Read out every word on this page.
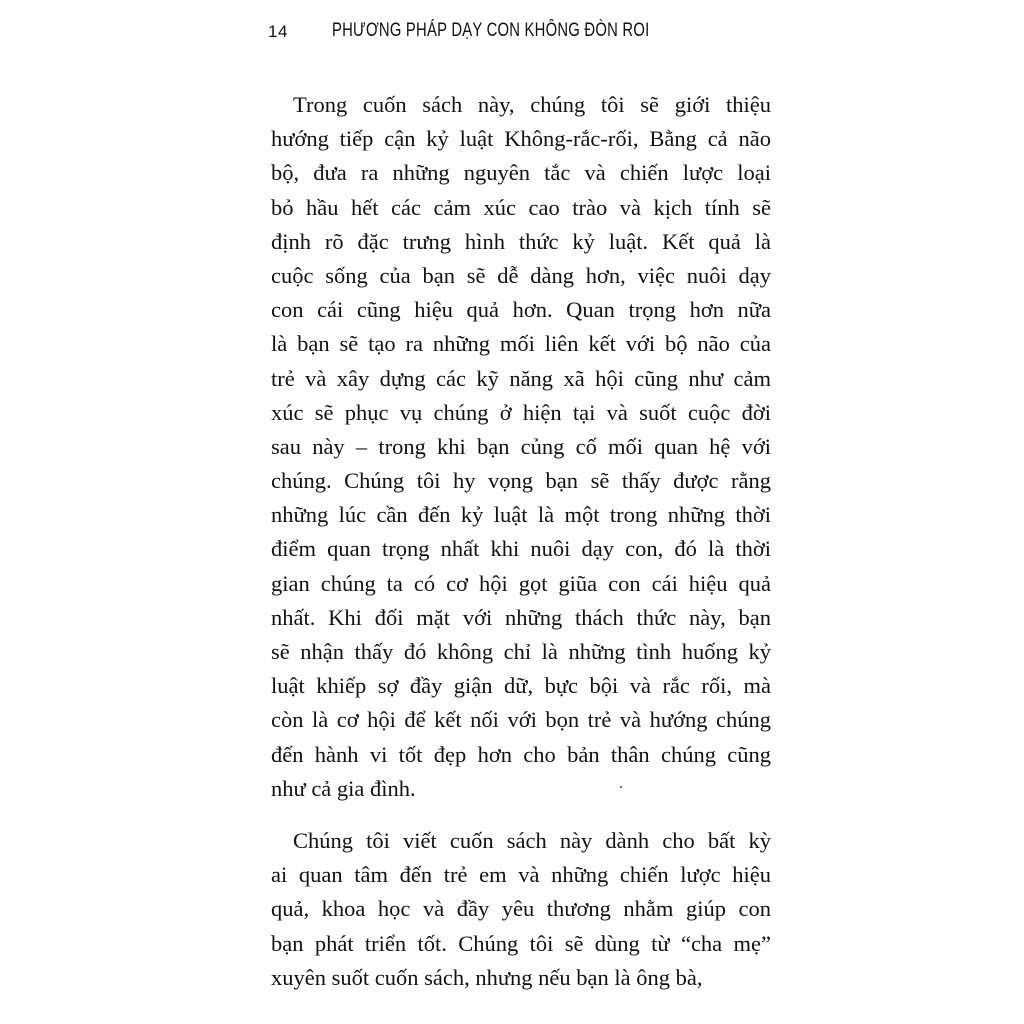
14 PHƯƠNG PHÁP DẠY CON KHÔNG ĐÒN ROI

Trong cuốn sách này, chúng tôi sẽ giới thiệu
hướng tiếp cận kỷ luật Không-rắc-rối, Bằng cả não
bộ, đưa ra những nguyên tắc và chiến lược loại
bỏ hầu hết các cảm xúc cao trào và kịch tính sẽ
định rõ đặc trưng hình thức kỷ luật. Kết quả là
cuộc sống của bạn sẽ dễ dàng hơn, việc nuôi dạy
con cái cũng hiệu quả hơn. Quan trọng hơn nữa
là bạn sẽ tạo ra những mối liên kết với bộ não của
trẻ và xây dựng các kỹ năng xã hội cũng như cảm
xúc sẽ phục vụ chúng ở hiện tại và suốt cuộc đời
sau này – trong khi bạn củng cố mối quan hệ với
chúng. Chúng tôi hy vọng bạn sẽ thấy được rằng
những lúc cần đến kỷ luật là một trong những thời
điểm quan trọng nhất khi nuôi dạy con, đó là thời
gian chúng ta có cơ hội gọt giũa con cái hiệu quả
nhất. Khi đối mặt với những thách thức này, bạn
sẽ nhận thấy đó không chỉ là những tình huống kỷ
luật khiếp sợ đầy giận dữ, bực bội và rắc rối, mà
còn là cơ hội để kết nối với bọn trẻ và hướng chúng
đến hành vi tốt đẹp hơn cho bản thân chúng cũng
như cả gia đình.

Chúng tôi viết cuốn sách này dành cho bất kỳ
ai quan tâm đến trẻ em và những chiến lược hiệu
quả, khoa học và đầy yêu thương nhằm giúp con
bạn phát triển tốt. Chúng tôi sẽ dùng từ “cha mẹ”
xuyên suốt cuốn sách, nhưng nếu bạn là ông bà,
